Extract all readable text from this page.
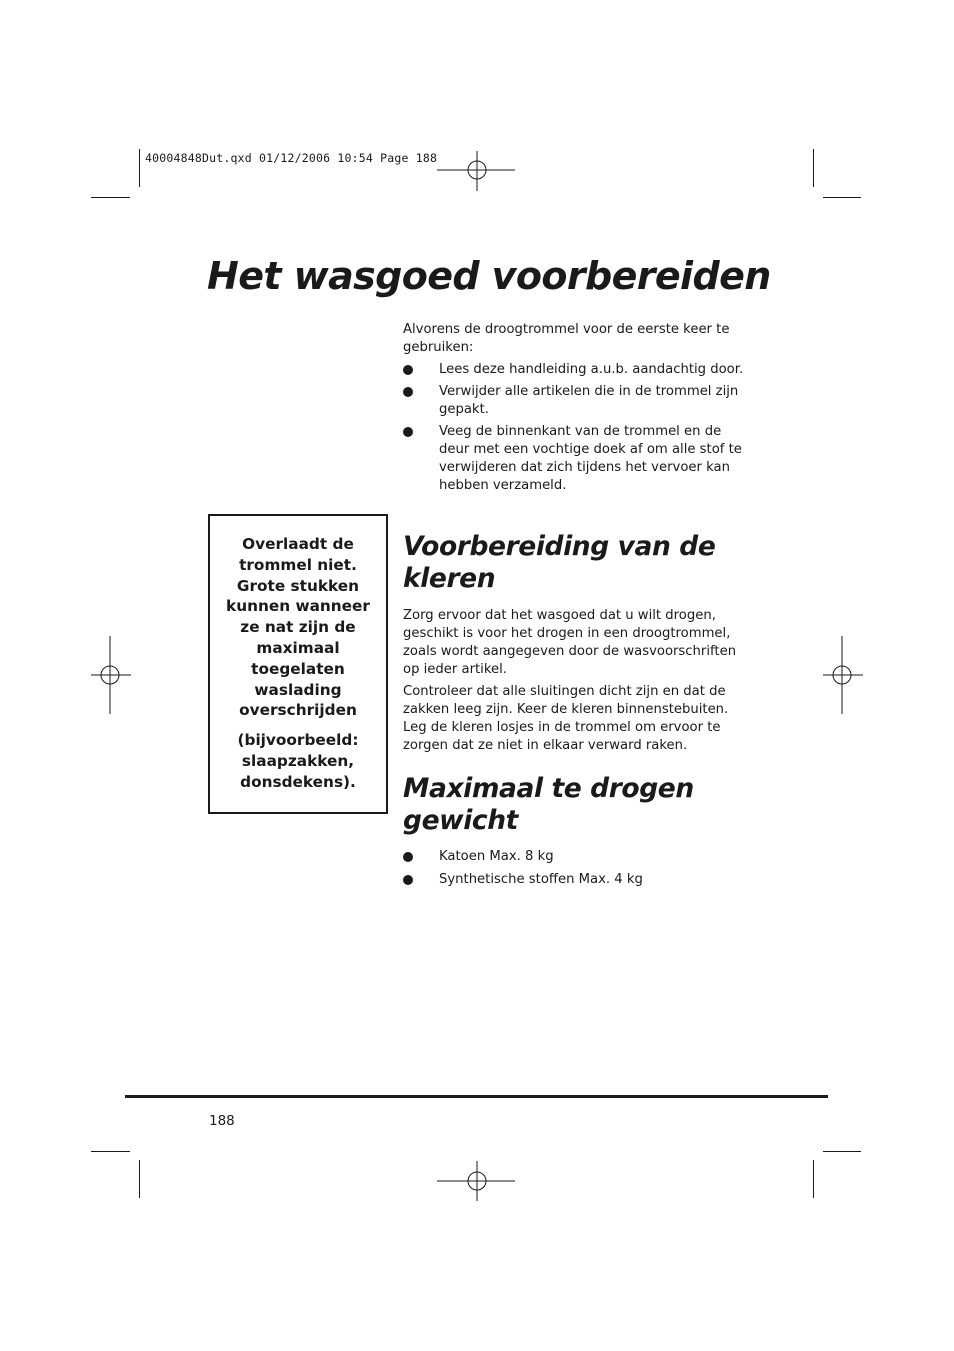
40004848Dut.qxd 01/12/2006 10:54 Page 188
Het wasgoed voorbereiden

Alvorens de droogtrommel voor de eerste keer te gebruiken:

Lees deze handleiding a.u.b. aandachtig door.
Verwijder alle artikelen die in de trommel zijn gepakt.
Veeg de binnenkant van de trommel en de deur met een vochtige doek af om alle stof te verwijderen dat zich tijdens het vervoer kan hebben verzameld.

Overlaadt de trommel niet. Grote stukken kunnen wanneer ze nat zijn de maximaal toegelaten waslading overschrijden

(bijvoorbeeld: slaapzakken, donsdekens).

Voorbereiding van de kleren

Zorg ervoor dat het wasgoed dat u wilt drogen, geschikt is voor het drogen in een droogtrommel, zoals wordt aangegeven door de wasvoorschriften op ieder artikel.

Controleer dat alle sluitingen dicht zijn en dat de zakken leeg zijn. Keer de kleren binnenstebuiten. Leg de kleren losjes in de trommel om ervoor te zorgen dat ze niet in elkaar verward raken.

Maximaal te drogen gewicht
Katoen Max. 8 kg
Synthetische stoffen Max. 4 kg
188
